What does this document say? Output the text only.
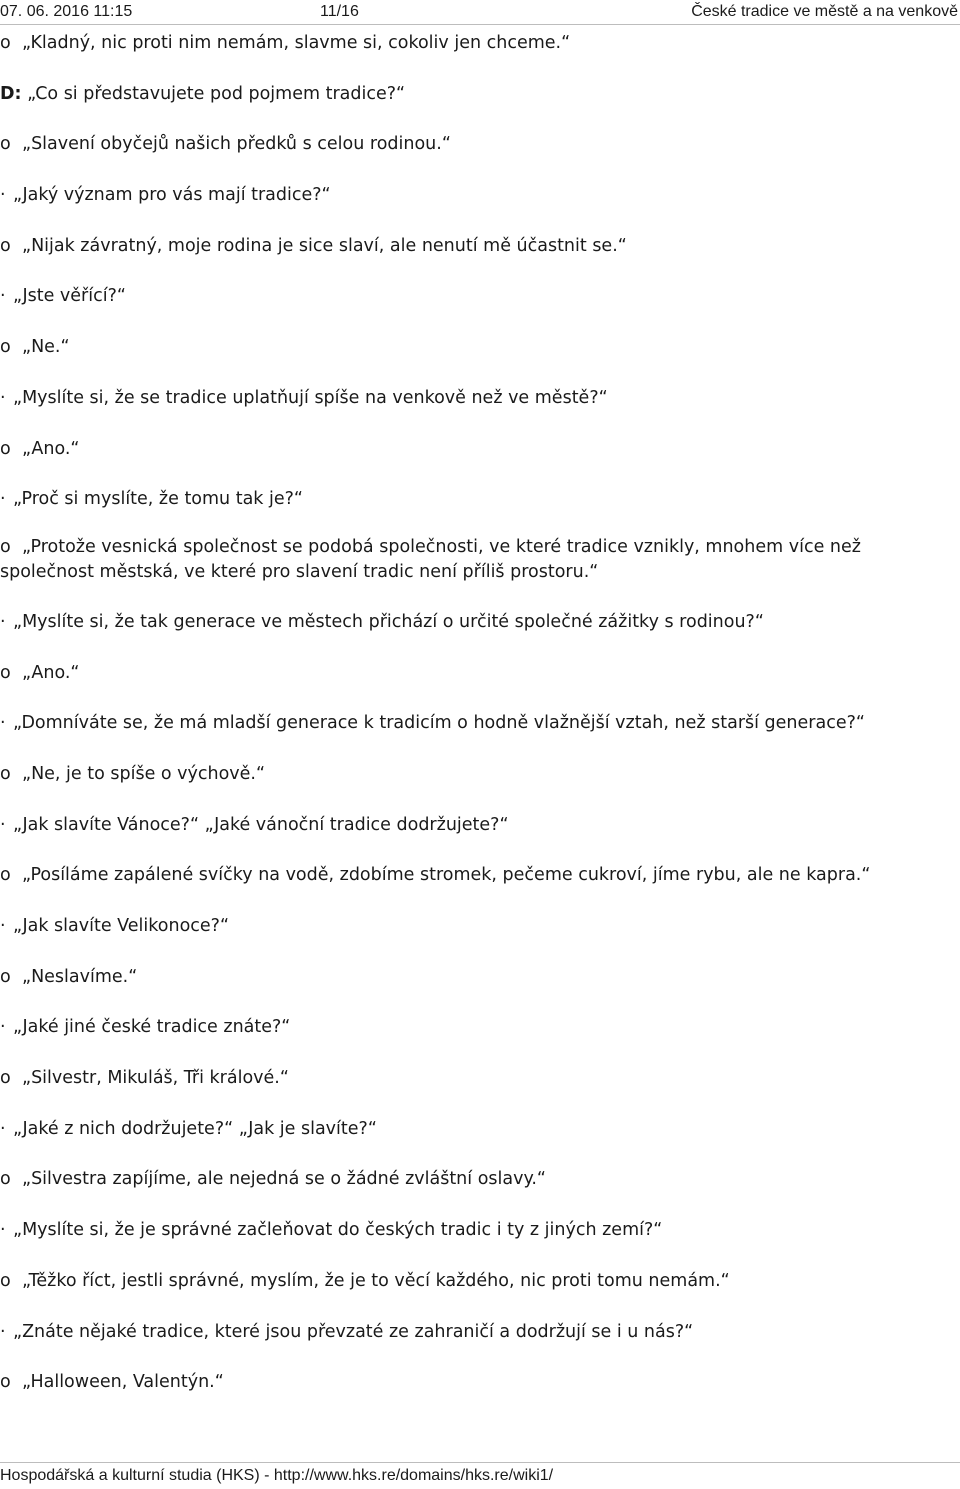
07. 06. 2016 11:15	11/16	České tradice ve městě a na venkově
o „Kladný, nic proti nim nemám, slavme si, cokoliv jen chceme.“
D: „Co si představujete pod pojmem tradice?“
o „Slavení obyčejů našich předků s celou rodinou.“
· „Jaký význam pro vás mají tradice?“
o „Nijak závratný, moje rodina je sice slaví, ale nenutí mě účastnit se.“
· „Jste věřící?“
o „Ne.“
· „Myslíte si, že se tradice uplatňují spíše na venkově než ve městě?“
o „Ano.“
· „Proč si myslíte, že tomu tak je?“
o „Protože vesnická společnost se podobá společnosti, ve které tradice vznikly, mnohem více než společnost městská, ve které pro slavení tradic není příliš prostoru.“
· „Myslíte si, že tak generace ve městech přichází o určité společné zážitky s rodinou?“
o „Ano.“
· „Domníváte se, že má mladší generace k tradicím o hodně vlažnější vztah, než starší generace?“
o „Ne, je to spíše o výchově.“
· „Jak slavíte Vánoce?“ „Jaké vánoční tradice dodržujete?“
o „Posíláme zapálené svíčky na vodě, zdobíme stromek, pečeme cukroví, jíme rybu, ale ne kapra.“
· „Jak slavíte Velikonoce?“
o „Neslavíme.“
· „Jaké jiné české tradice znáte?“
o „Silvestr, Mikuláš, Tři králové.“
· „Jaké z nich dodržujete?“ „Jak je slavíte?“
o „Silvestra zapíjíme, ale nejedná se o žádné zvláštní oslavy.“
· „Myslíte si, že je správné začleňovat do českých tradic i ty z jiných zemí?“
o „Těžko říct, jestli správné, myslím, že je to věcí každého, nic proti tomu nemám.“
· „Znáte nějaké tradice, které jsou převzaté ze zahraničí a dodržují se i u nás?“
o „Halloween, Valentýn.“
Hospodářská a kulturní studia (HKS) - http://www.hks.re/domains/hks.re/wiki1/
